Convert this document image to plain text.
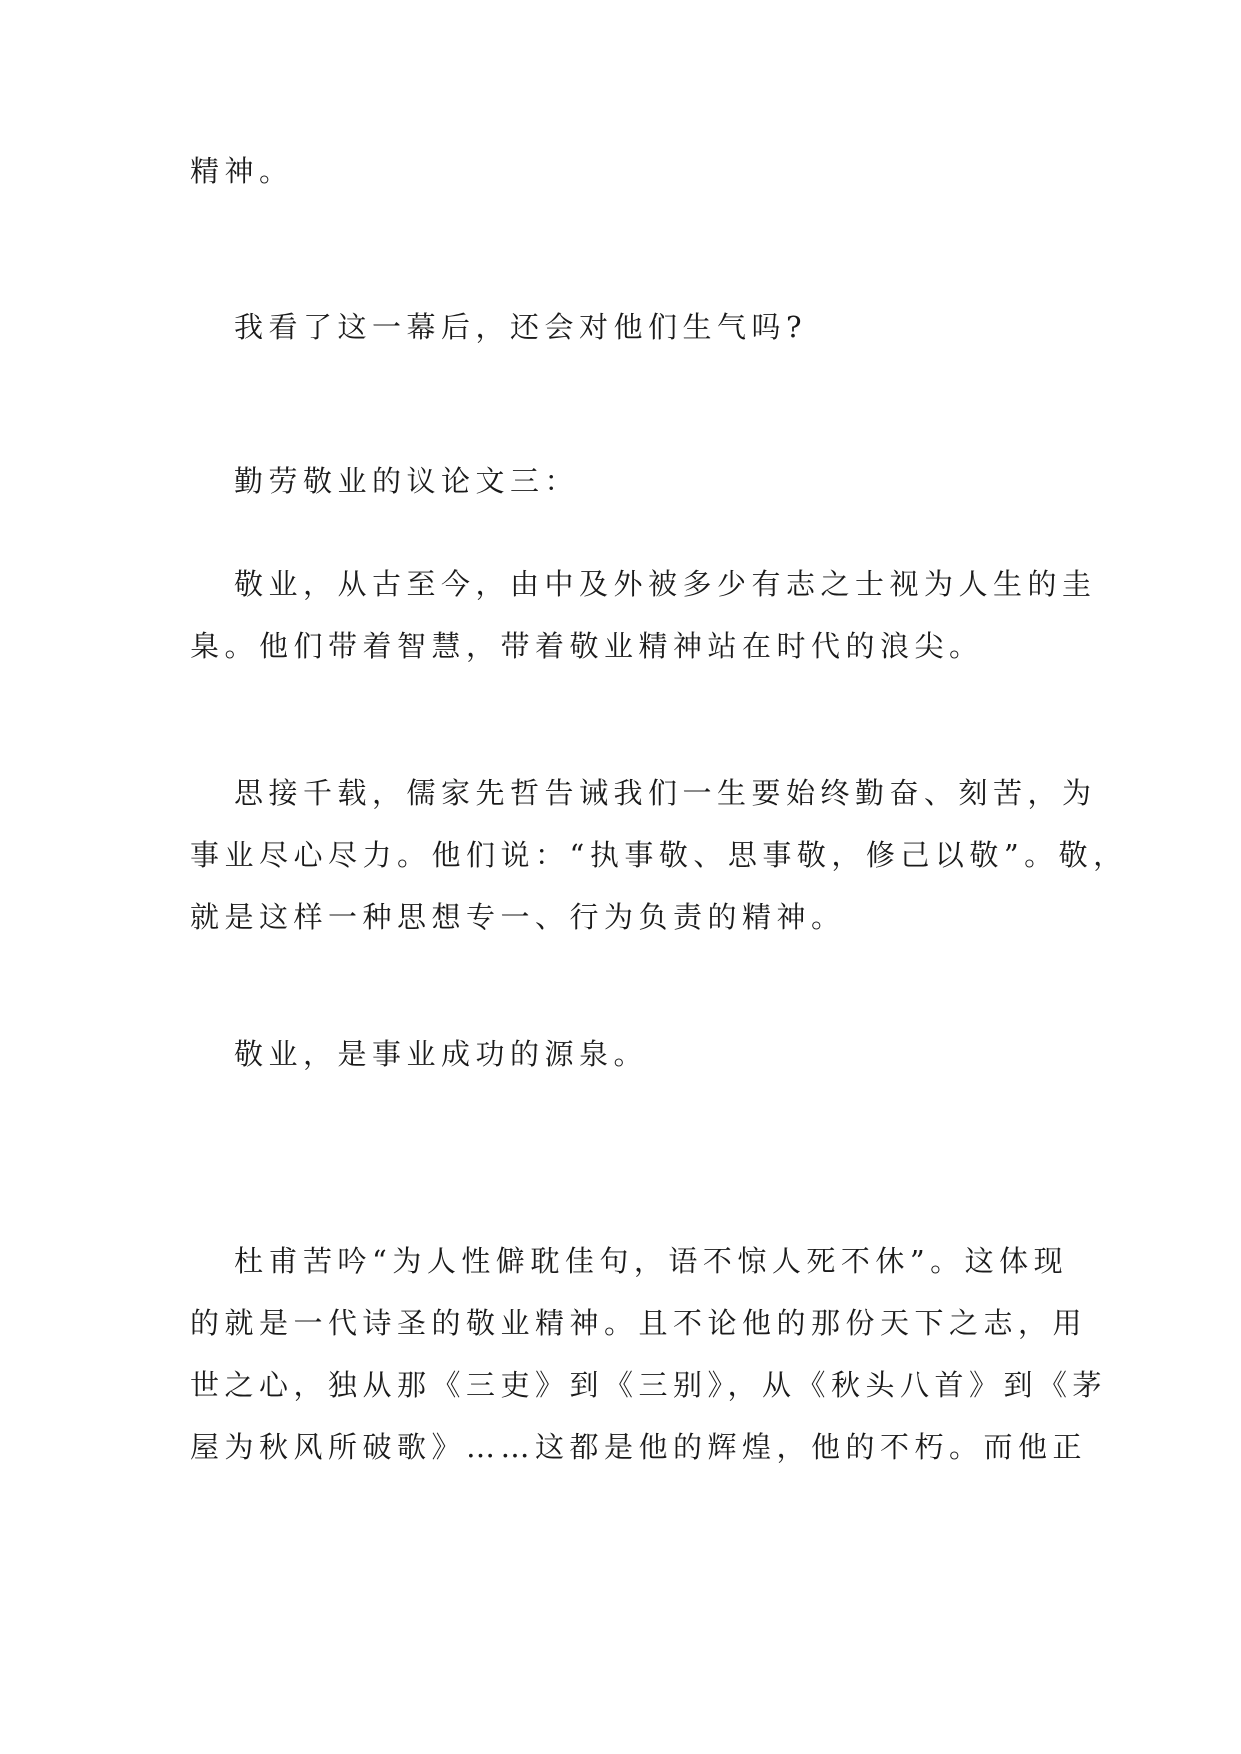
精神。
我看了这一幕后，还会对他们生气吗?
勤劳敬业的议论文三：
敬业，从古至今，由中及外被多少有志之士视为人生的圭
臬。他们带着智慧，带着敬业精神站在时代的浪尖。
思接千载，儒家先哲告诫我们一生要始终勤奋、刻苦，为
事业尽心尽力。他们说：“执事敬、思事敬，修己以敬”。敬，
就是这样一种思想专一、行为负责的精神。
敬业，是事业成功的源泉。
杜甫苦吟“为人性僻耽佳句，语不惊人死不休”。这体现
的就是一代诗圣的敬业精神。且不论他的那份天下之志，用
世之心，独从那《三吏》到《三别》，从《秋头八首》到《茅
屋为秋风所破歌》……这都是他的辉煌，他的不朽。而他正
